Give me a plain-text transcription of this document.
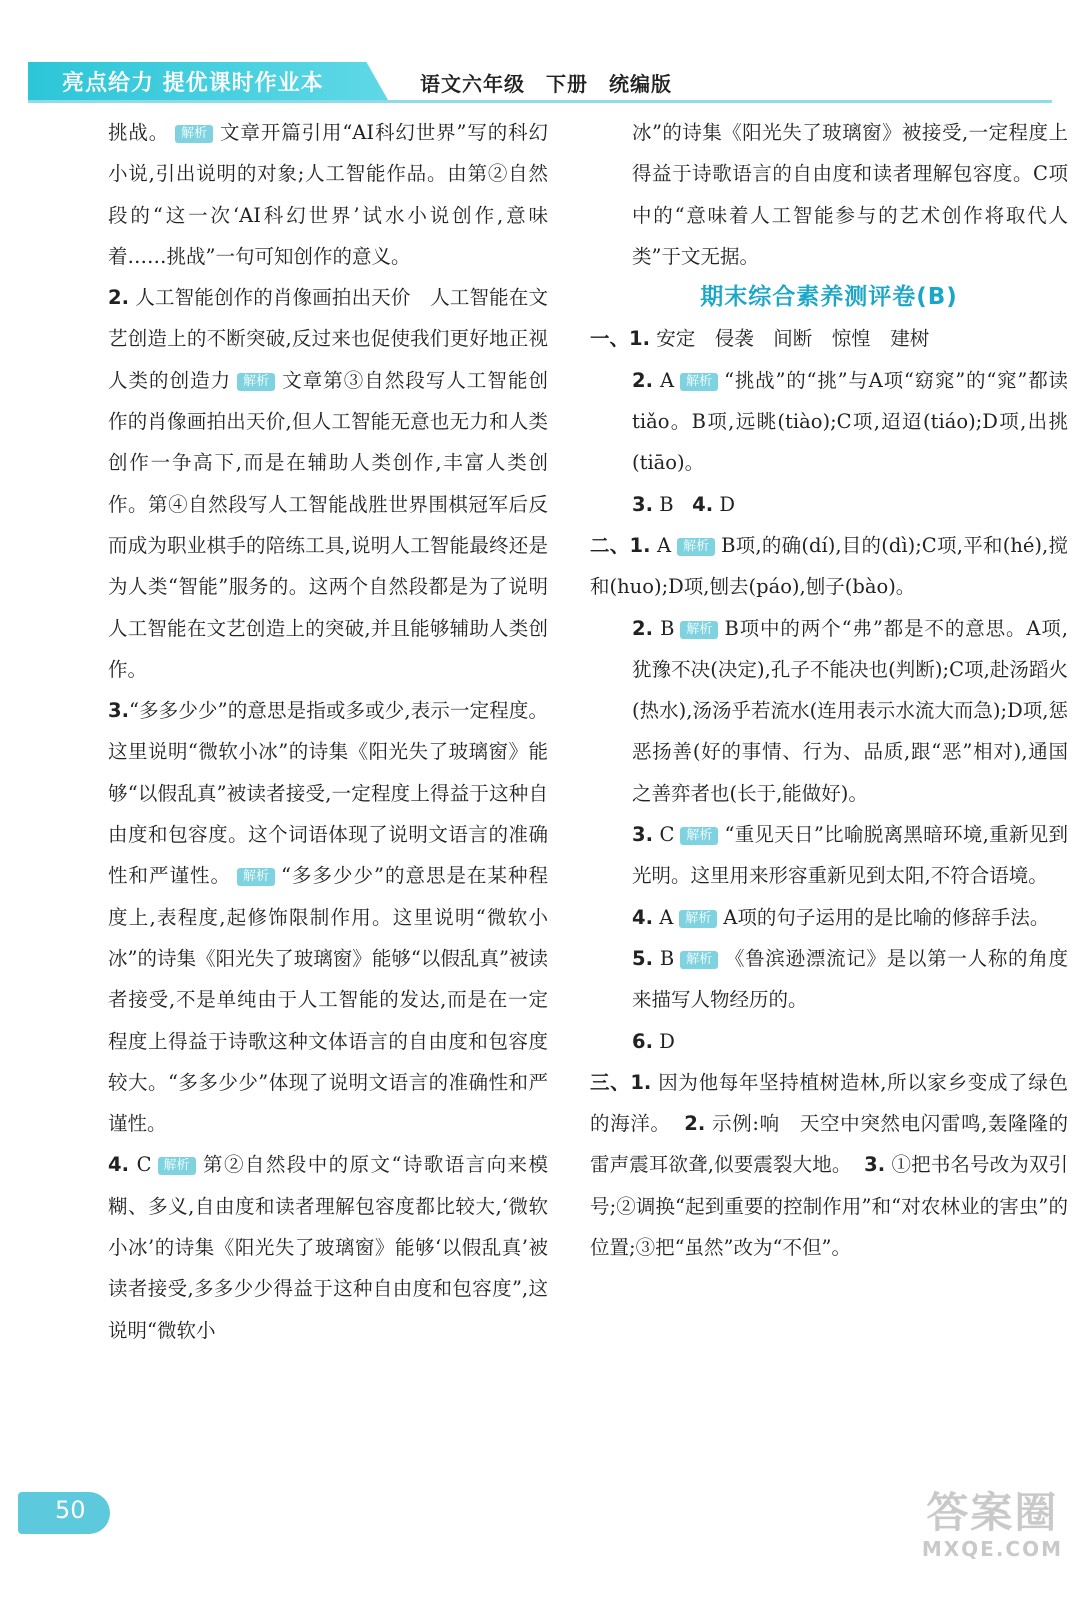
亮点给力 提优课时作业本	语文六年级　下册　统编版

挑战。 解析 文章开篇引用“AI科幻世界”写的科幻小说,引出说明的对象;人工智能作品。由第②自然段的“这一次‘AI科幻世界’试水小说创作,意味着……挑战”一句可知创作的意义。

2. 人工智能创作的肖像画拍出天价　人工智能在文艺创造上的不断突破,反过来也促使我们更好地正视人类的创造力 解析 文章第③自然段写人工智能创作的肖像画拍出天价,但人工智能无意也无力和人类创作一争高下,而是在辅助人类创作,丰富人类创作。第④自然段写人工智能战胜世界围棋冠军后反而成为职业棋手的陪练工具,说明人工智能最终还是为人类“智能”服务的。这两个自然段都是为了说明人工智能在文艺创造上的突破,并且能够辅助人类创作。

3.“多多少少”的意思是指或多或少,表示一定程度。这里说明“微软小冰”的诗集《阳光失了玻璃窗》能够“以假乱真”被读者接受,一定程度上得益于这种自由度和包容度。这个词语体现了说明文语言的准确性和严谨性。 解析 “多多少少”的意思是在某种程度上,表程度,起修饰限制作用。这里说明“微软小冰”的诗集《阳光失了玻璃窗》能够“以假乱真”被读者接受,不是单纯由于人工智能的发达,而是在一定程度上得益于诗歌这种文体语言的自由度和包容度较大。“多多少少”体现了说明文语言的准确性和严谨性。

4. C 解析 第②自然段中的原文“诗歌语言向来模糊、多义,自由度和读者理解包容度都比较大,‘微软小冰’的诗集《阳光失了玻璃窗》能够‘以假乱真’被读者接受,多多少少得益于这种自由度和包容度”,这说明“微软小

冰”的诗集《阳光失了玻璃窗》被接受,一定程度上得益于诗歌语言的自由度和读者理解包容度。C项中的“意味着人工智能参与的艺术创作将取代人类”于文无据。

期末综合素养测评卷(B)

一、1. 安定　侵袭　间断　惊惶　建树

2. A 解析 “挑战”的“挑”与A项“窈窕”的“窕”都读tiǎo。B项,远眺(tiào);C项,迢迢(tiáo);D项,出挑(tiāo)。

3. B 4. D

二、1. A 解析 B项,的确(dí),目的(dì);C项,平和(hé),搅和(huo);D项,刨去(páo),刨子(bào)。

2. B 解析 B项中的两个“弗”都是不的意思。A项,犹豫不决(决定),孔子不能决也(判断);C项,赴汤蹈火(热水),汤汤乎若流水(连用表示水流大而急);D项,惩恶扬善(好的事情、行为、品质,跟“恶”相对),通国之善弈者也(长于,能做好)。

3. C 解析 “重见天日”比喻脱离黑暗环境,重新见到光明。这里用来形容重新见到太阳,不符合语境。

4. A 解析 A项的句子运用的是比喻的修辞手法。

5. B 解析 《鲁滨逊漂流记》是以第一人称的角度来描写人物经历的。

6. D

三、1. 因为他每年坚持植树造林,所以家乡变成了绿色的海洋。 2. 示例:响　天空中突然电闪雷鸣,轰隆隆的雷声震耳欲聋,似要震裂大地。 3. ①把书名号改为双引号;②调换“起到重要的控制作用”和“对农林业的害虫”的位置;③把“虽然”改为“不但”。

50	答案圈
MXQE.COM
